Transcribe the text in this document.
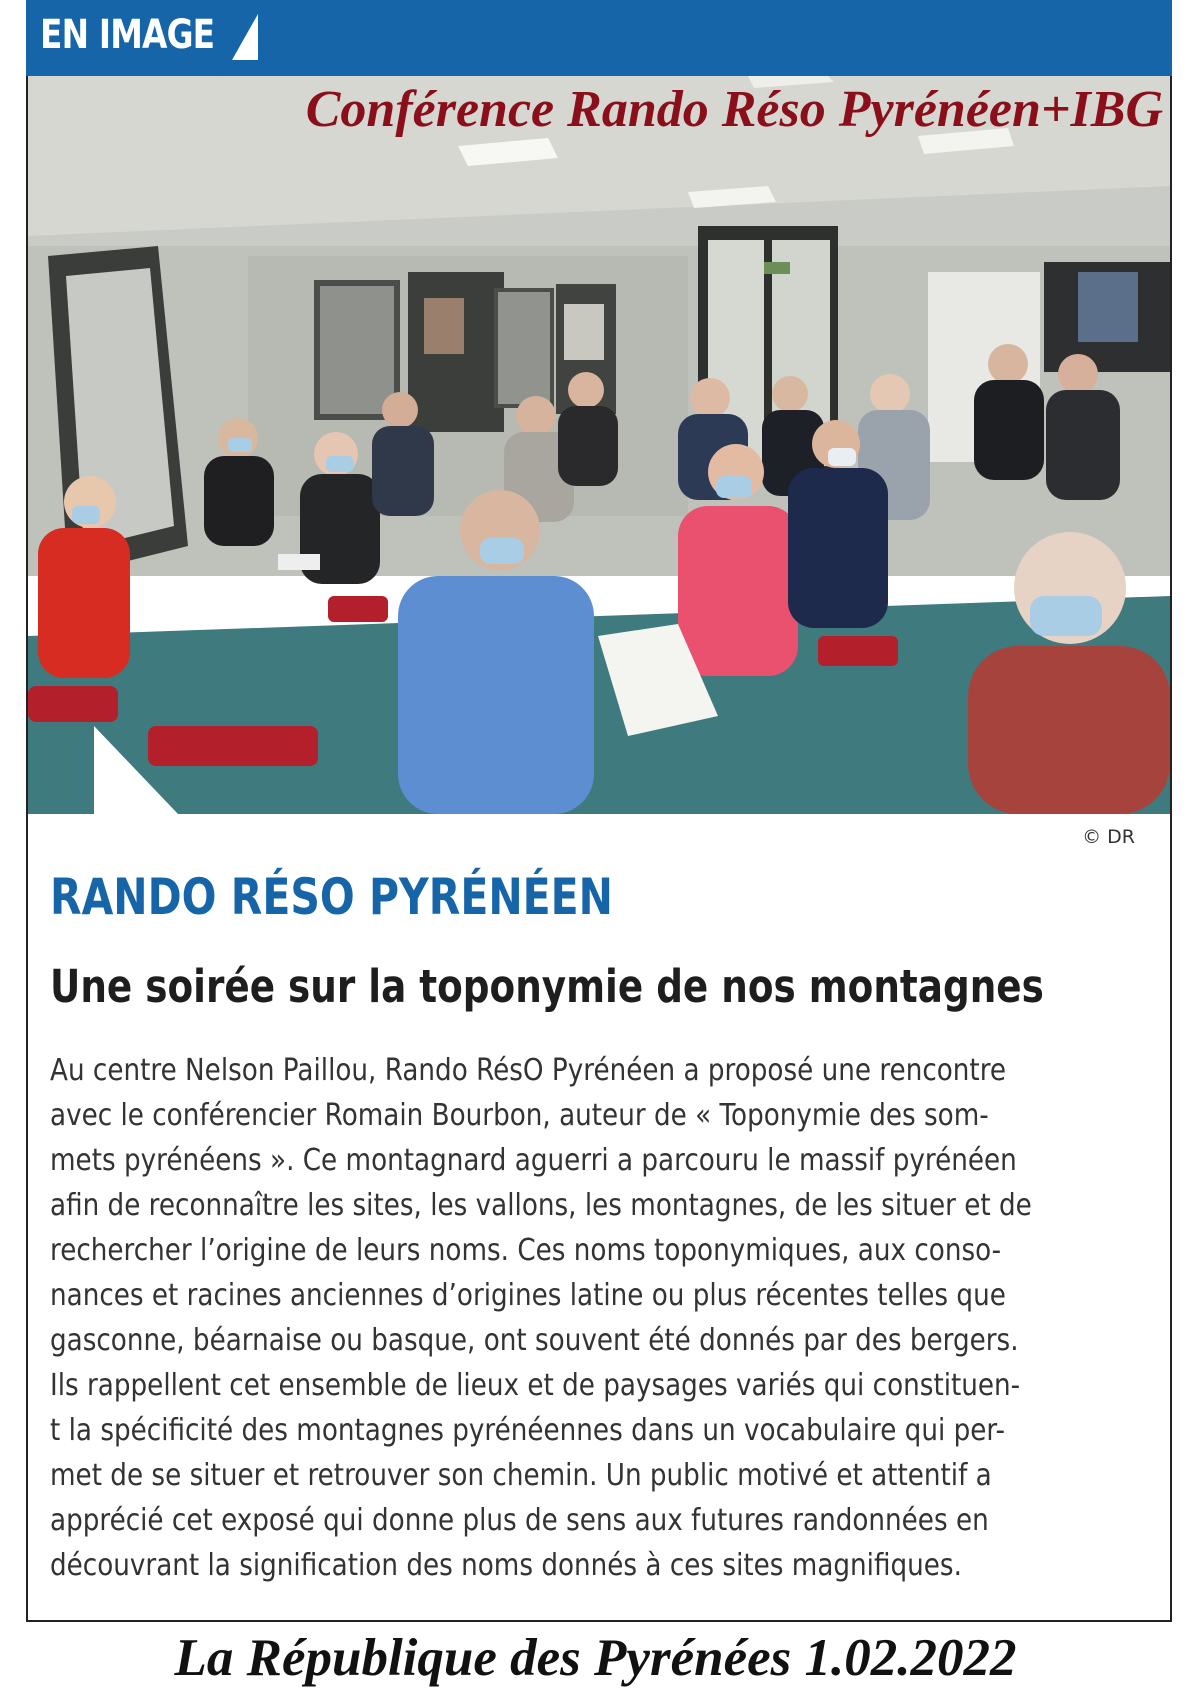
EN IMAGE
Conférence Rando Réso Pyrénéen+IBG
© DR
RANDO RÉSO PYRÉNÉEN
Une soirée sur la toponymie de nos montagnes
Au centre Nelson Paillou, Rando RésO Pyrénéen a proposé une rencontre
avec le conférencier Romain Bourbon, auteur de « Toponymie des som-
mets pyrénéens ». Ce montagnard aguerri a parcouru le massif pyrénéen
afin de reconnaître les sites, les vallons, les montagnes, de les situer et de
rechercher l’origine de leurs noms. Ces noms toponymiques, aux conso-
nances et racines anciennes d’origines latine ou plus récentes telles que
gasconne, béarnaise ou basque, ont souvent été donnés par des bergers.
Ils rappellent cet ensemble de lieux et de paysages variés qui constituen-
t la spécificité des montagnes pyrénéennes dans un vocabulaire qui per-
met de se situer et retrouver son chemin. Un public motivé et attentif a
apprécié cet exposé qui donne plus de sens aux futures randonnées en
découvrant la signification des noms donnés à ces sites magnifiques.
La République des Pyrénées 1.02.2022
